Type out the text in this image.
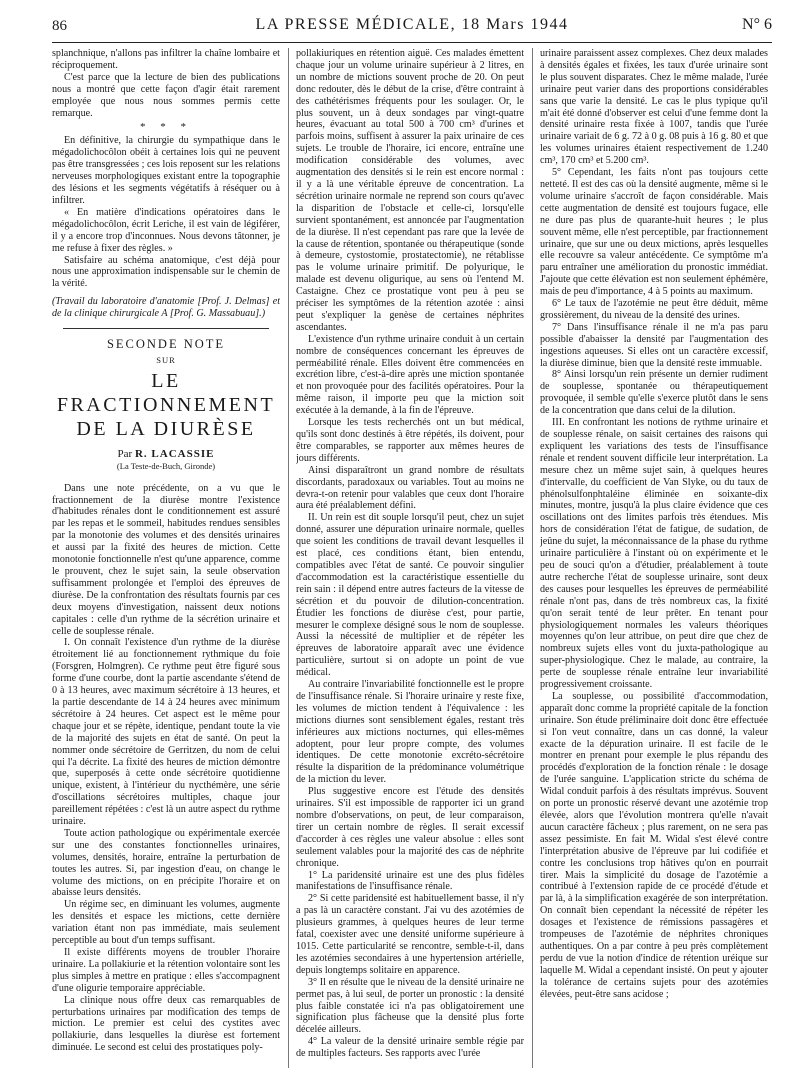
86	LA PRESSE MÉDICALE, 18 Mars 1944	N° 6

splanchnique, n'allons pas infiltrer la chaîne lombaire et réciproquement.

C'est parce que la lecture de bien des publications nous a montré que cette façon d'agir était rarement employée que nous nous sommes permis cette remarque.

* * *

En définitive, la chirurgie du sympathique dans le mégadolichocôlon obéit à certaines lois qui ne peuvent pas être transgressées ; ces lois reposent sur les relations nerveuses morphologiques existant entre la topographie des lésions et les segments végétatifs à réséquer ou à infiltrer.

« En matière d'indications opératoires dans le mégadolichocôlon, écrit Leriche, il est vain de légiférer, il y a encore trop d'inconnues. Nous devons tâtonner, je me refuse à fixer des règles. »

Satisfaire au schéma anatomique, c'est déjà pour nous une approximation indispensable sur le chemin de la vérité.

(Travail du laboratoire d'anatomie [Prof. J. Delmas] et de la clinique chirurgicale A [Prof. G. Massabuau].)

SECONDE NOTE
SUR
LE FRACTIONNEMENT
DE LA DIURÈSE
Par R. LACASSIE
(La Teste-de-Buch, Gironde)

Dans une note précédente, on a vu que le fractionnement de la diurèse montre l'existence d'habitudes rénales dont le conditionnement est assuré par les repas et le sommeil, habitudes rendues sensibles par la monotonie des volumes et des densités urinaires et aussi par la fixité des heures de miction. Cette monotonie fonctionnelle n'est qu'une apparence, comme le prouvent, chez le sujet sain, la seule observation suffisamment prolongée et l'emploi des épreuves de diurèse. De la confrontation des résultats fournis par ces deux moyens d'investigation, naissent deux notions capitales : celle d'un rythme de la sécrétion urinaire et celle de souplesse rénale.

I. On connaît l'existence d'un rythme de la diurèse étroitement lié au fonctionnement rythmique du foie (Forsgren, Holmgren). Ce rythme peut être figuré sous forme d'une courbe, dont la partie ascendante s'étend de 0 à 13 heures, avec maximum sécrétoire à 13 heures, et la partie descendante de 14 à 24 heures avec minimum sécrétoire à 24 heures. Cet aspect est le même pour chaque jour et se répète, identique, pendant toute la vie de la majorité des sujets en état de santé. On peut la nommer onde sécrétoire de Gerritzen, du nom de celui qui l'a décrite. La fixité des heures de miction démontre que, superposés à cette onde sécrétoire quotidienne unique, existent, à l'intérieur du nycthémère, une série d'oscillations sécrétoires multiples, chaque jour pareillement répétées : c'est là un autre aspect du rythme urinaire.

Toute action pathologique ou expérimentale exercée sur une des constantes fonctionnelles urinaires, volumes, densités, horaire, entraîne la perturbation de toutes les autres. Si, par ingestion d'eau, on change le volume des mictions, on en précipite l'horaire et on abaisse leurs densités.

Un régime sec, en diminuant les volumes, augmente les densités et espace les mictions, cette dernière variation étant non pas immédiate, mais seulement perceptible au bout d'un temps suffisant.

Il existe différents moyens de troubler l'horaire urinaire. La pollakiurie et la rétention volontaire sont les plus simples à mettre en pratique : elles s'accompagnent d'une oligurie temporaire appréciable.

La clinique nous offre deux cas remarquables de perturbations urinaires par modification des temps de miction. Le premier est celui des cystites avec pollakiurie, dans lesquelles la diurèse est fortement diminuée. Le second est celui des prostatiques poly-

pollakiuriques en rétention aiguë. Ces malades émettent chaque jour un volume urinaire supérieur à 2 litres, en un nombre de mictions souvent proche de 20. On peut donc redouter, dès le début de la crise, d'être contraint à des cathétérismes fréquents pour les soulager. Or, le plus souvent, un à deux sondages par vingt-quatre heures, évacuant au total 500 à 700 cm³ d'urines et parfois moins, suffisent à assurer la paix urinaire de ces sujets. Le trouble de l'horaire, ici encore, entraîne une modification considérable des volumes, avec augmentation des densités si le rein est encore normal : il y a là une véritable épreuve de concentration. La sécrétion urinaire normale ne reprend son cours qu'avec la disparition de l'obstacle et celle-ci, lorsqu'elle survient spontanément, est annoncée par l'augmentation de la diurèse. Il n'est cependant pas rare que la levée de la cause de rétention, spontanée ou thérapeutique (sonde à demeure, cystostomie, prostatectomie), ne rétablisse pas le volume urinaire primitif. De polyurique, le malade est devenu oligurique, au sens où l'entend M. Castaigne. Chez ce prostatique vont peu à peu se préciser les symptômes de la rétention azotée : ainsi peut s'expliquer la genèse de certaines néphrites ascendantes.

L'existence d'un rythme urinaire conduit à un certain nombre de conséquences concernant les épreuves de perméabilité rénale. Elles doivent être commencées en excrétion libre, c'est-à-dire après une miction spontanée et non provoquée pour des facilités opératoires. Pour la même raison, il importe peu que la miction soit exécutée à la demande, à la fin de l'épreuve.

Lorsque les tests recherchés ont un but médical, qu'ils sont donc destinés à être répétés, ils doivent, pour être comparables, se rapporter aux mêmes heures de jours différents.

Ainsi disparaîtront un grand nombre de résultats discordants, paradoxaux ou variables. Tout au moins ne devra-t-on retenir pour valables que ceux dont l'horaire aura été préalablement défini.

II. Un rein est dit souple lorsqu'il peut, chez un sujet donné, assurer une dépuration urinaire normale, quelles que soient les conditions de travail devant lesquelles il est placé, ces conditions étant, bien entendu, compatibles avec l'état de santé. Ce pouvoir singulier d'accommodation est la caractéristique essentielle du rein sain : il dépend entre autres facteurs de la vitesse de sécrétion et du pouvoir de dilution-concentration. Étudier les fonctions de diurèse c'est, pour partie, mesurer le complexe désigné sous le nom de souplesse. Aussi la nécessité de multiplier et de répéter les épreuves de laboratoire apparaît avec une évidence particulière, surtout si on adopte un point de vue médical.

Au contraire l'invariabilité fonctionnelle est le propre de l'insuffisance rénale. Si l'horaire urinaire y reste fixe, les volumes de miction tendent à l'équivalence : les mictions diurnes sont sensiblement égales, restant très inférieures aux mictions nocturnes, qui elles-mêmes adoptent, pour leur propre compte, des volumes identiques. De cette monotonie excréto-sécrétoire résulte la disparition de la prédominance volumétrique de la miction du lever.

Plus suggestive encore est l'étude des densités urinaires. S'il est impossible de rapporter ici un grand nombre d'observations, on peut, de leur comparaison, tirer un certain nombre de règles. Il serait excessif d'accorder à ces règles une valeur absolue : elles sont seulement valables pour la majorité des cas de néphrite chronique.

1° La paridensité urinaire est une des plus fidèles manifestations de l'insuffisance rénale.

2° Si cette paridensité est habituellement basse, il n'y a pas là un caractère constant. J'ai vu des azotémies de plusieurs grammes, à quelques heures de leur terme fatal, coexister avec une densité uniforme supérieure à 1015. Cette particularité se rencontre, semble-t-il, dans les azotémies secondaires à une hypertension artérielle, depuis longtemps solitaire en apparence.

3° Il en résulte que le niveau de la densité urinaire ne permet pas, à lui seul, de porter un pronostic : la densité plus faible constatée ici n'a pas obligatoirement une signification plus fâcheuse que la densité plus forte décelée ailleurs.

4° La valeur de la densité urinaire semble régie par de multiples facteurs. Ses rapports avec l'urée

urinaire paraissent assez complexes. Chez deux malades à densités égales et fixées, les taux d'urée urinaire sont le plus souvent disparates. Chez le même malade, l'urée urinaire peut varier dans des proportions considérables sans que varie la densité. Le cas le plus typique qu'il m'ait été donné d'observer est celui d'une femme dont la densité urinaire resta fixée à 1007, tandis que l'urée urinaire variait de 6 g. 72 à 0 g. 08 puis à 16 g. 80 et que les volumes urinaires étaient respectivement de 1.240 cm³, 170 cm³ et 5.200 cm³.

5° Cependant, les faits n'ont pas toujours cette netteté. Il est des cas où la densité augmente, même si le volume urinaire s'accroît de façon considérable. Mais cette augmentation de densité est toujours fugace, elle ne dure pas plus de quarante-huit heures ; le plus souvent même, elle n'est perceptible, par fractionnement urinaire, que sur une ou deux mictions, après lesquelles elle recouvre sa valeur antécédente. Ce symptôme m'a paru entraîner une amélioration du pronostic immédiat. J'ajoute que cette élévation est non seulement éphémère, mais de peu d'importance, 4 à 5 points au maximum.

6° Le taux de l'azotémie ne peut être déduit, même grossièrement, du niveau de la densité des urines.

7° Dans l'insuffisance rénale il ne m'a pas paru possible d'abaisser la densité par l'augmentation des ingestions aqueuses. Si elles ont un caractère excessif, la diurèse diminue, bien que la densité reste immuable.

8° Ainsi lorsqu'un rein présente un dernier rudiment de souplesse, spontanée ou thérapeutiquement provoquée, il semble qu'elle s'exerce plutôt dans le sens de la concentration que dans celui de la dilution.

III. En confrontant les notions de rythme urinaire et de souplesse rénale, on saisit certaines des raisons qui expliquent les variations des tests de l'insuffisance rénale et rendent souvent difficile leur interprétation. La mesure chez un même sujet sain, à quelques heures d'intervalle, du coefficient de Van Slyke, ou du taux de phénolsulfonphtaléine éliminée en soixante-dix minutes, montre, jusqu'à la plus claire évidence que ces oscillations ont des limites parfois très étendues. Mis hors de considération l'état de fatigue, de sudation, de jeûne du sujet, la méconnaissance de la phase du rythme urinaire particulière à l'instant où on expérimente et le peu de souci qu'on a d'étudier, préalablement à toute autre recherche l'état de souplesse urinaire, sont deux des causes pour lesquelles les épreuves de perméabilité rénale n'ont pas, dans de très nombreux cas, la fixité qu'on serait tenté de leur prêter. En tenant pour physiologiquement normales les valeurs théoriques moyennes qu'on leur attribue, on peut dire que chez de nombreux sujets elles vont du juxta-pathologique au super-physiologique. Chez le malade, au contraire, la perte de souplesse rénale entraîne leur invariabilité progressivement croissante.

La souplesse, ou possibilité d'accommodation, apparaît donc comme la propriété capitale de la fonction urinaire. Son étude préliminaire doit donc être effectuée si l'on veut connaître, dans un cas donné, la valeur exacte de la dépuration urinaire. Il est facile de le montrer en prenant pour exemple le plus répandu des procédés d'exploration de la fonction rénale : le dosage de l'urée sanguine. L'application stricte du schéma de Widal conduit parfois à des résultats imprévus. Souvent on porte un pronostic réservé devant une azotémie trop élevée, alors que l'évolution montrera qu'elle n'avait aucun caractère fâcheux ; plus rarement, on ne sera pas assez pessimiste. En fait M. Widal s'est élevé contre l'interprétation abusive de l'épreuve par lui codifiée et contre les conclusions trop hâtives qu'on en pourrait tirer. Mais la simplicité du dosage de l'azotémie a contribué à l'extension rapide de ce procédé d'étude et par là, à la simplification exagérée de son interprétation. On connaît bien cependant la nécessité de répéter les dosages et l'existence de rémissions passagères et trompeuses de l'azotémie de néphrites chroniques authentiques. On a par contre à peu près complètement perdu de vue la notion d'indice de rétention uréique sur laquelle M. Widal a cependant insisté. On peut y ajouter la tolérance de certains sujets pour des azotémies élevées, peut-être sans acidose ;
